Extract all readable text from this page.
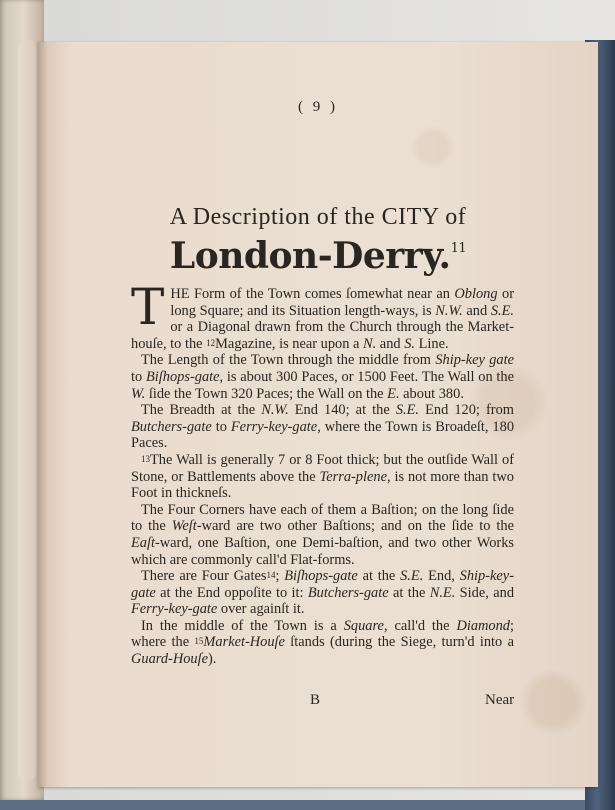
( 9 )
A Description of the CITY of
London-Derry.$^{11}$

THE Form of the Town comes ſomewhat near an Oblong or long Square; and its Situation length-ways, is N.W. and S.E. or a Diagonal drawn from the Church through the Market-houſe, to the $^{12}$Magazine, is near upon a N. and S. Line.

The Length of the Town through the middle from Ship-key gate to Biſhops-gate, is about 300 Paces, or 1500 Feet. The Wall on the W. ſide the Town 320 Paces; the Wall on the E. about 380.

The Breadth at the N.W. End 140; at the S.E. End 120; from Butchers-gate to Ferry-key-gate, where the Town is Broadeſt, 180 Paces.

$^{13}$The Wall is generally 7 or 8 Foot thick; but the outſide Wall of Stone, or Battlements above the Terra-plene, is not more than two Foot in thickneſs.

The Four Corners have each of them a Baſtion; on the long ſide to the Weſt-ward are two other Baſtions; and on the ſide to the Eaſt-ward, one Baſtion, one Demi-baſtion, and two other Works which are commonly call'd Flat-forms.

There are Four Gates$^{14}$; Biſhops-gate at the S.E. End, Ship-key-gate at the End oppoſite to it: Butchers-gate at the N.E. Side, and Ferry-key-gate over againſt it.

In the middle of the Town is a Square, call'd the Diamond; where the $^{15}$Market-Houſe ſtands (during the Siege, turn'd into a Guard-Houſe).

B	Near
